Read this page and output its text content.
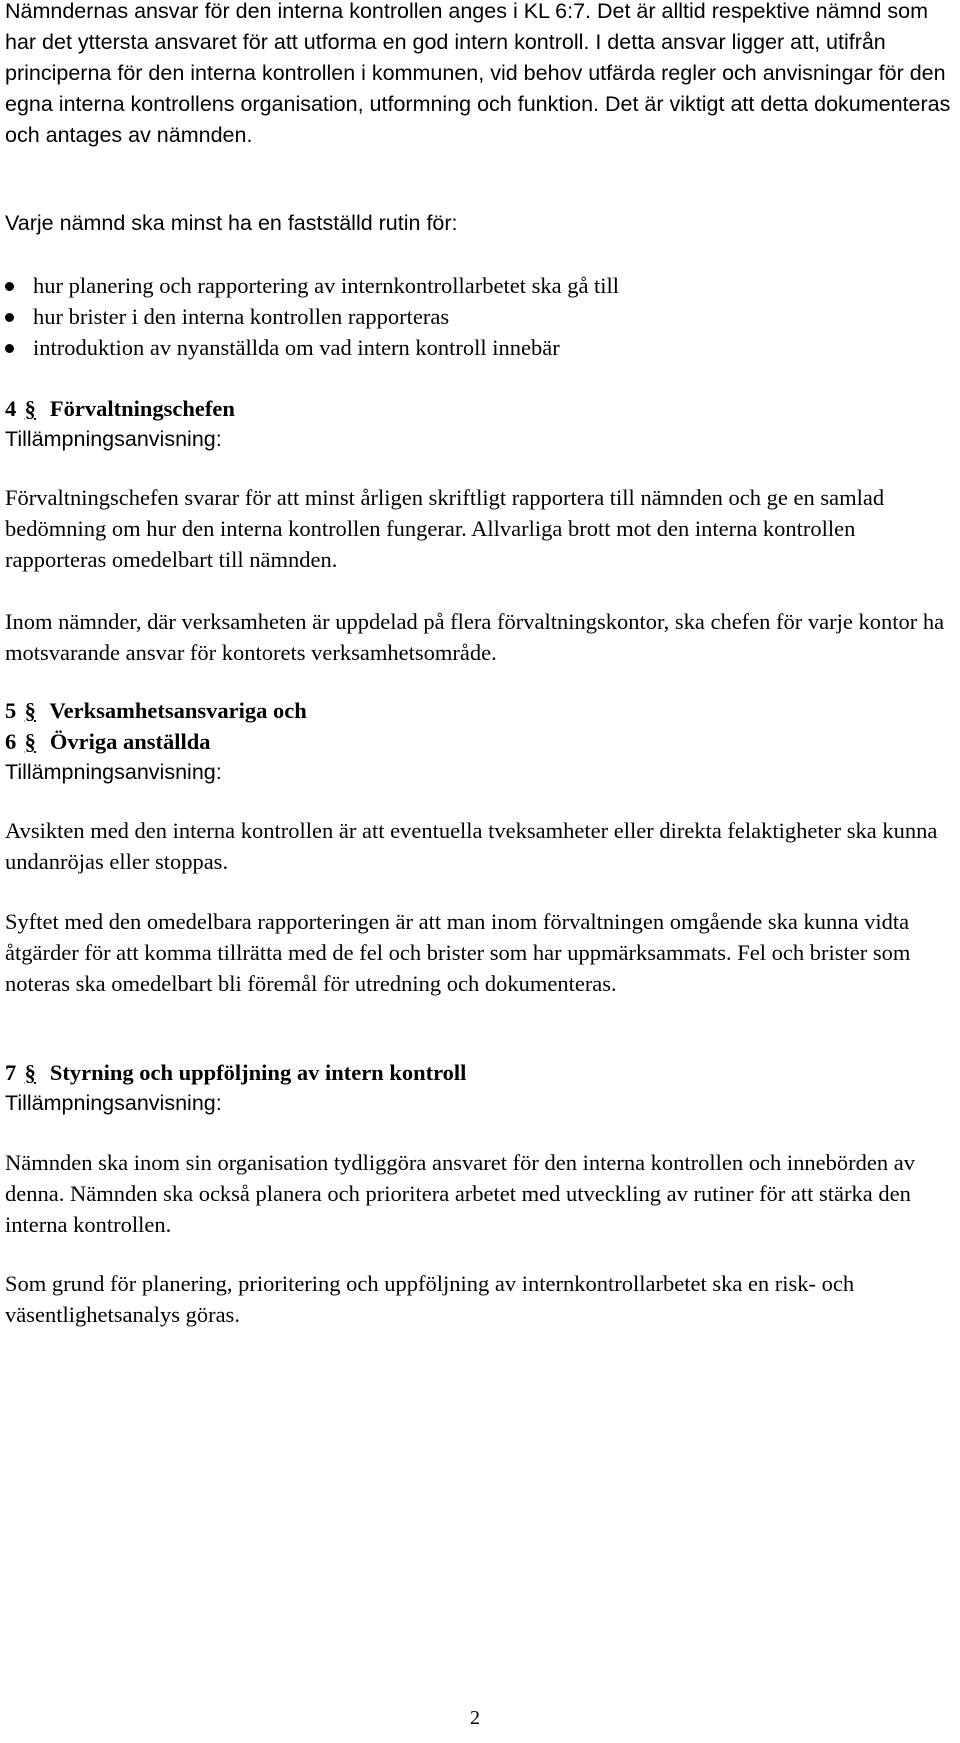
Nämndernas ansvar för den interna kontrollen anges i KL 6:7. Det är alltid respektive nämnd som har det yttersta ansvaret för att utforma en god intern kontroll. I detta ansvar ligger att, utifrån principerna för den interna kontrollen i kommunen, vid behov utfärda regler och anvisningar för den egna interna kontrollens organisation, utformning och funktion. Det är viktigt att detta dokumenteras och antages av nämnden.

Varje nämnd ska minst ha en fastställd rutin för:

hur planering och rapportering av internkontrollarbetet ska gå till
hur brister i den interna kontrollen rapporteras
introduktion av nyanställda om vad intern kontroll innebär
4 § Förvaltningschefen
Tillämpningsanvisning:

Förvaltningschefen svarar för att minst årligen skriftligt rapportera till nämnden och ge en samlad bedömning om hur den interna kontrollen fungerar. Allvarliga brott mot den interna kontrollen rapporteras omedelbart till nämnden.

Inom nämnder, där verksamheten är uppdelad på flera förvaltningskontor, ska chefen för varje kontor ha motsvarande ansvar för kontorets verksamhetsområde.

5 § Verksamhetsansvariga och
6 § Övriga anställda
Tillämpningsanvisning:

Avsikten med den interna kontrollen är att eventuella tveksamheter eller direkta felaktigheter ska kunna undanröjas eller stoppas.

Syftet med den omedelbara rapporteringen är att man inom förvaltningen omgående ska kunna vidta åtgärder för att komma tillrätta med de fel och brister som har uppmärksammats. Fel och brister som noteras ska omedelbart bli föremål för utredning och dokumenteras.

7 § Styrning och uppföljning av intern kontroll
Tillämpningsanvisning:

Nämnden ska inom sin organisation tydliggöra ansvaret för den interna kontrollen och innebörden av denna. Nämnden ska också planera och prioritera arbetet med utveckling av rutiner för att stärka den interna kontrollen.

Som grund för planering, prioritering och uppföljning av internkontrollarbetet ska en risk- och väsentlighetsanalys göras.

2
